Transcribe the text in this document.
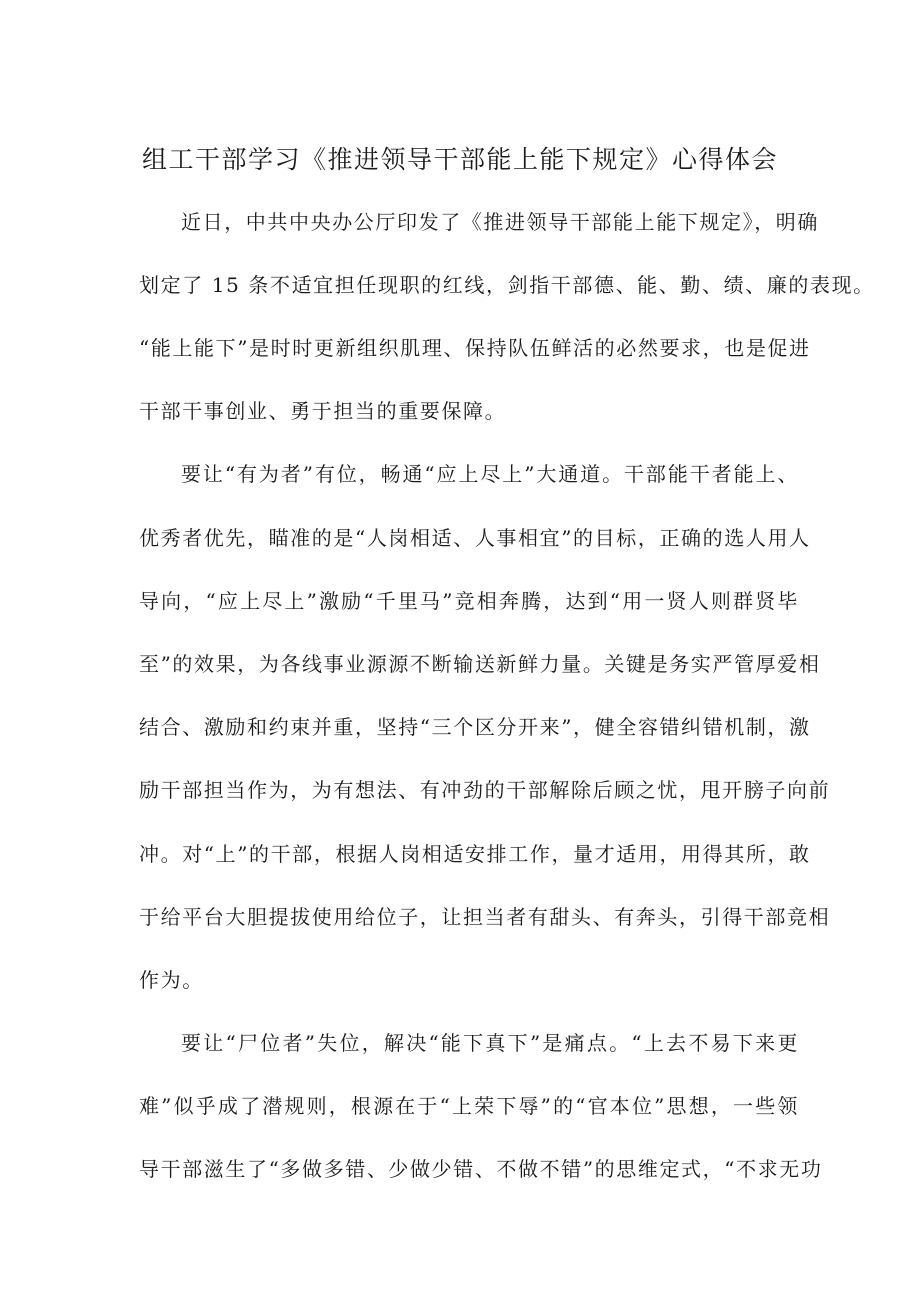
组工干部学习《推进领导干部能上能下规定》心得体会

近日，中共中央办公厅印发了《推进领导干部能上能下规定》，明确

划定了 15 条不适宜担任现职的红线，剑指干部德、能、勤、绩、廉的表现。

“能上能下”是时时更新组织肌理、保持队伍鲜活的必然要求，也是促进

干部干事创业、勇于担当的重要保障。

要让“有为者”有位，畅通“应上尽上”大通道。干部能干者能上、

优秀者优先，瞄准的是“人岗相适、人事相宜”的目标，正确的选人用人

导向，“应上尽上”激励“千里马”竞相奔腾，达到“用一贤人则群贤毕

至”的效果，为各线事业源源不断输送新鲜力量。关键是务实严管厚爱相

结合、激励和约束并重，坚持“三个区分开来”，健全容错纠错机制，激

励干部担当作为，为有想法、有冲劲的干部解除后顾之忧，甩开膀子向前

冲。对“上”的干部，根据人岗相适安排工作，量才适用，用得其所，敢

于给平台大胆提拔使用给位子，让担当者有甜头、有奔头，引得干部竞相

作为。

要让“尸位者”失位，解决“能下真下”是痛点。“上去不易下来更

难”似乎成了潜规则，根源在于“上荣下辱”的“官本位”思想，一些领

导干部滋生了“多做多错、少做少错、不做不错”的思维定式，“不求无功
